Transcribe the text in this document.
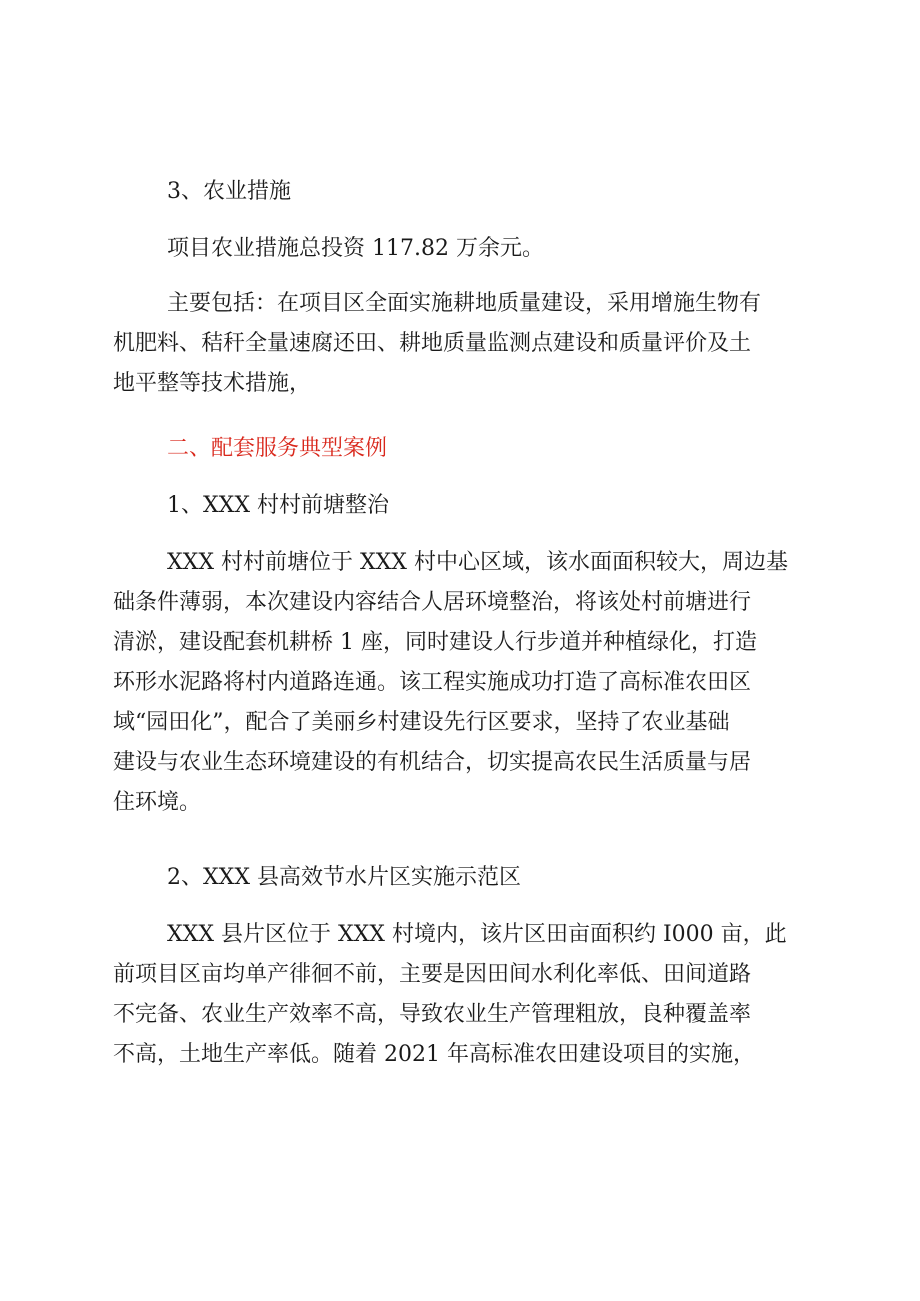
3、农业措施
项目农业措施总投资 117.82 万余元。
主要包括：在项目区全面实施耕地质量建设，采用增施生物有
机肥料、秸秆全量速腐还田、耕地质量监测点建设和质量评价及土
地平整等技术措施，
二、配套服务典型案例
1、XXX 村村前塘整治
XXX 村村前塘位于 XXX 村中心区域，该水面面积较大，周边基
础条件薄弱，本次建设内容结合人居环境整治，将该处村前塘进行
清淤，建设配套机耕桥 1 座，同时建设人行步道并种植绿化，打造
环形水泥路将村内道路连通。该工程实施成功打造了高标准农田区
域“园田化”，配合了美丽乡村建设先行区要求，坚持了农业基础
建设与农业生态环境建设的有机结合，切实提高农民生活质量与居
住环境。
2、XXX 县高效节水片区实施示范区
XXX 县片区位于 XXX 村境内，该片区田亩面积约 I000 亩，此
前项目区亩均单产徘徊不前，主要是因田间水利化率低、田间道路
不完备、农业生产效率不高，导致农业生产管理粗放，良种覆盖率
不高，土地生产率低。随着 2021 年高标准农田建设项目的实施，
